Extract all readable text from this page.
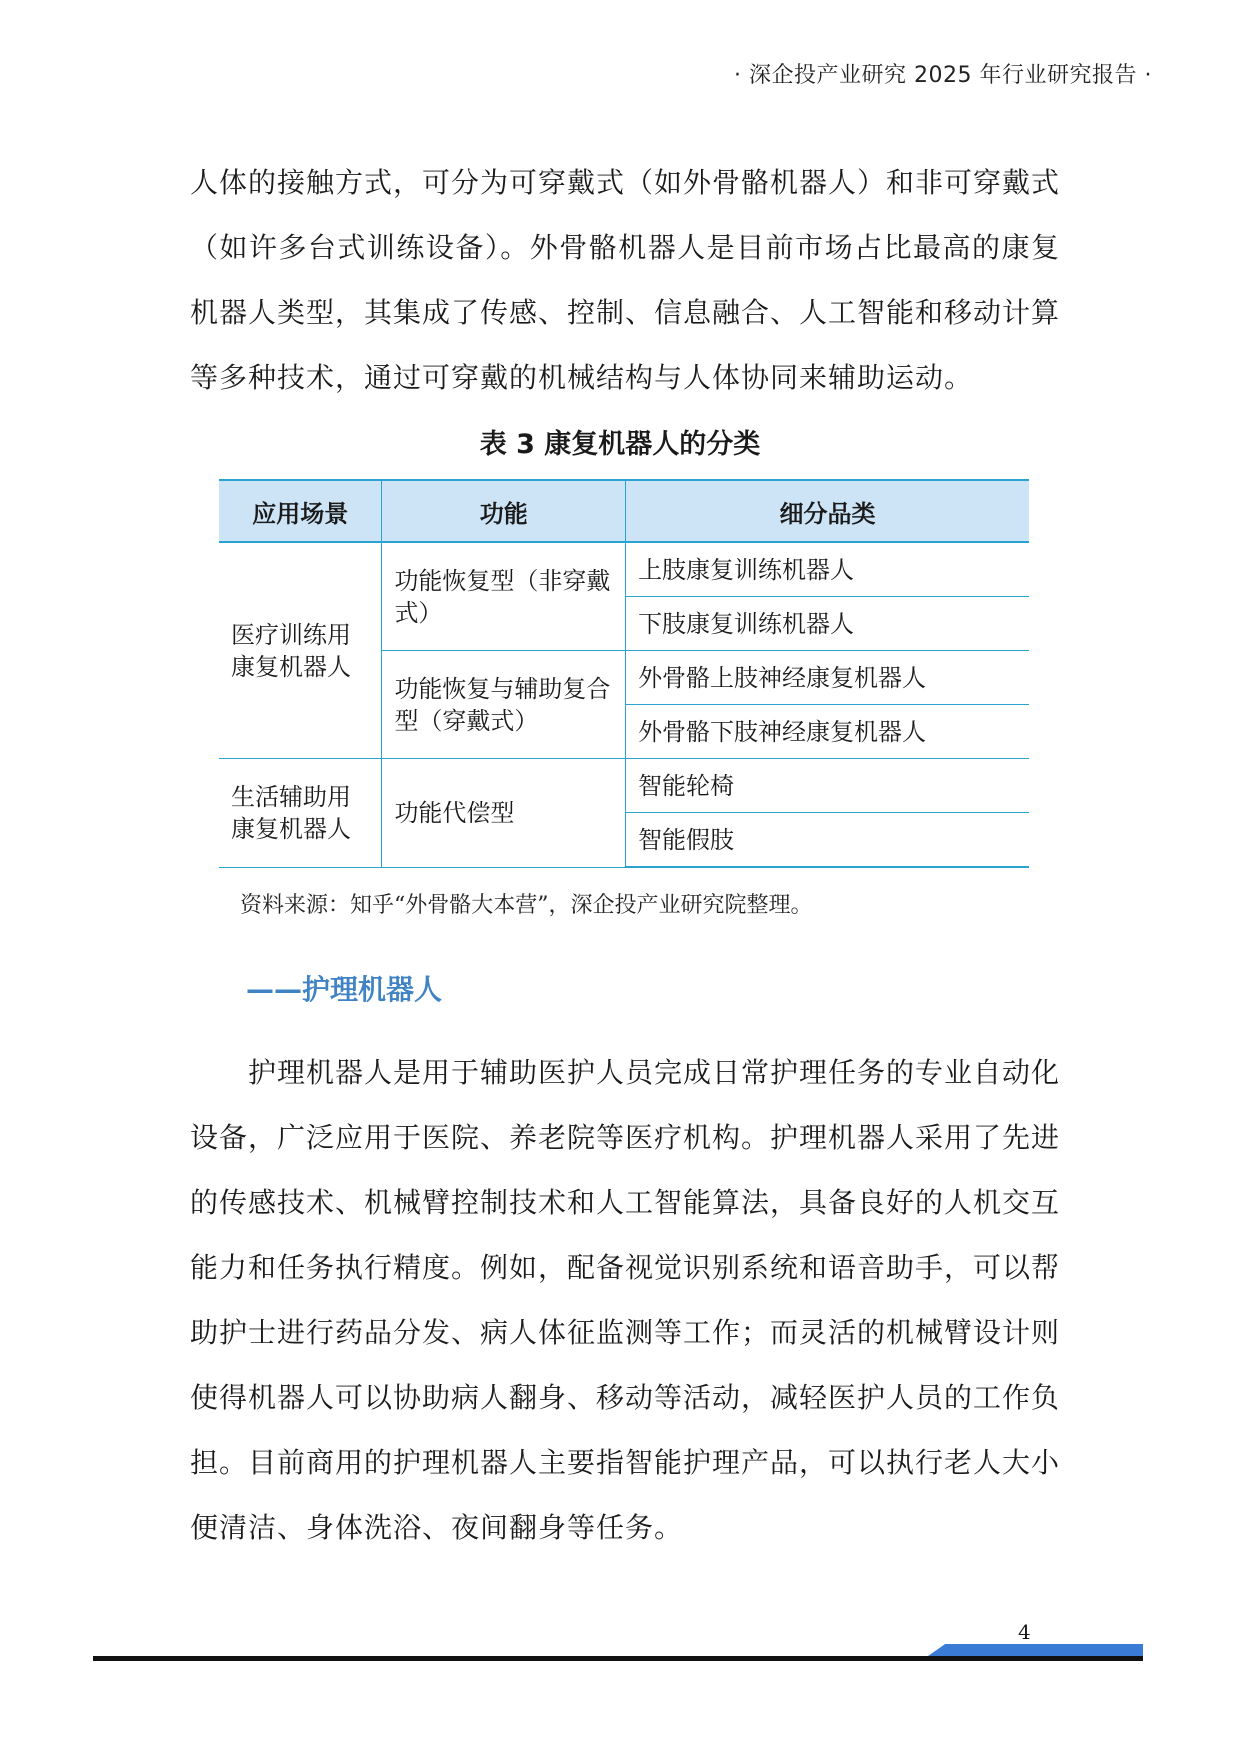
· 深企投产业研究 2025 年行业研究报告 ·

人体的接触方式，可分为可穿戴式（如外骨骼机器人）和非可穿戴式（如许多台式训练设备）。外骨骼机器人是目前市场占比最高的康复机器人类型，其集成了传感、控制、信息融合、人工智能和移动计算等多种技术，通过可穿戴的机械结构与人体协同来辅助运动。

表 3 康复机器人的分类
应用场景	功能	细分品类
医疗训练用康复机器人	功能恢复型（非穿戴式）	上肢康复训练机器人
		下肢康复训练机器人
	功能恢复与辅助复合型（穿戴式）	外骨骼上肢神经康复机器人
		外骨骼下肢神经康复机器人
生活辅助用康复机器人	功能代偿型	智能轮椅
		智能假肢
资料来源：知乎“外骨骼大本营”，深企投产业研究院整理。
——护理机器人

护理机器人是用于辅助医护人员完成日常护理任务的专业自动化设备，广泛应用于医院、养老院等医疗机构。护理机器人采用了先进的传感技术、机械臂控制技术和人工智能算法，具备良好的人机交互能力和任务执行精度。例如，配备视觉识别系统和语音助手，可以帮助护士进行药品分发、病人体征监测等工作；而灵活的机械臂设计则使得机器人可以协助病人翻身、移动等活动，减轻医护人员的工作负担。目前商用的护理机器人主要指智能护理产品，可以执行老人大小便清洁、身体洗浴、夜间翻身等任务。

4
